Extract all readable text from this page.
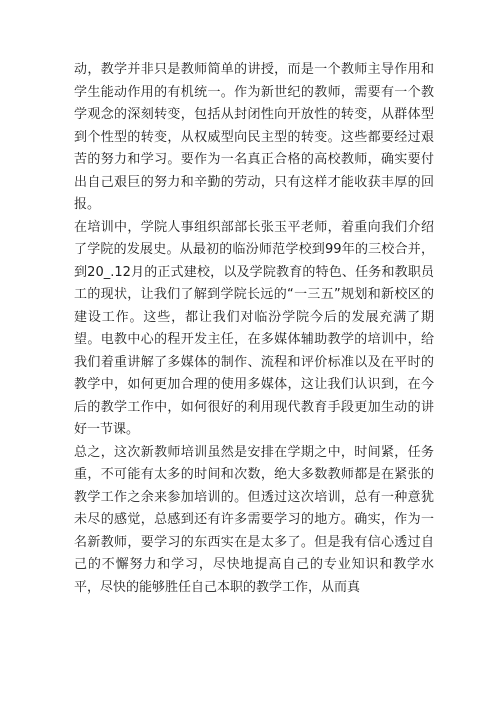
动，教学并非只是教师简单的讲授，而是一个教师主导作用和学生能动作用的有机统一。作为新世纪的教师，需要有一个教学观念的深刻转变，包括从封闭性向开放性的转变，从群体型到个性型的转变，从权威型向民主型的转变。这些都要经过艰苦的努力和学习。要作为一名真正合格的高校教师，确实要付出自己艰巨的努力和辛勤的劳动，只有这样才能收获丰厚的回报。

在培训中，学院人事组织部部长张玉平老师，着重向我们介绍了学院的发展史。从最初的临汾师范学校到99年的三校合并，到20_.12月的正式建校，以及学院教育的特色、任务和教职员工的现状，让我们了解到学院长远的“一三五”规划和新校区的建设工作。这些，都让我们对临汾学院今后的发展充满了期望。电教中心的程开发主任，在多媒体辅助教学的培训中，给我们着重讲解了多媒体的制作、流程和评价标准以及在平时的教学中，如何更加合理的使用多媒体，这让我们认识到，在今后的教学工作中，如何很好的利用现代教育手段更加生动的讲好一节课。

总之，这次新教师培训虽然是安排在学期之中，时间紧，任务重，不可能有太多的时间和次数，绝大多数教师都是在紧张的教学工作之余来参加培训的。但透过这次培训，总有一种意犹未尽的感觉，总感到还有许多需要学习的地方。确实，作为一名新教师，要学习的东西实在是太多了。但是我有信心透过自己的不懈努力和学习，尽快地提高自己的专业知识和教学水平，尽快的能够胜任自己本职的教学工作，从而真
